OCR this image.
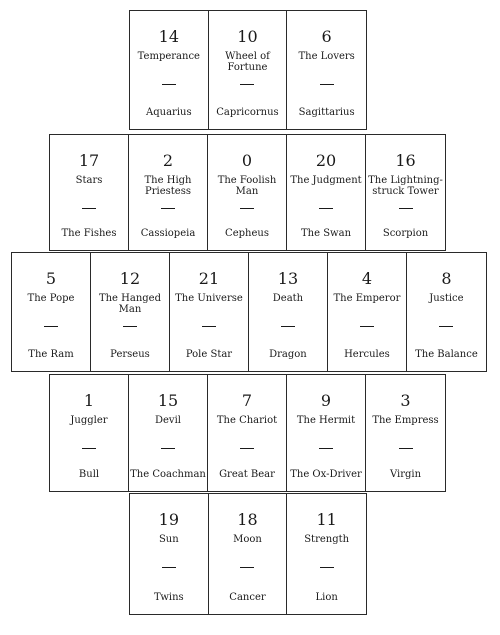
14
Temperance
Aquarius
10
Wheel of
Fortune
Capricornus
6
The Lovers
Sagittarius
17
Stars
The Fishes
2
The High
Priestess
Cassiopeia
0
The Foolish
Man
Cepheus
20
The Judgment
The Swan
16
The Lightning-
struck Tower
Scorpion
5
The Pope
The Ram
12
The Hanged
Man
Perseus
21
The Universe
Pole Star
13
Death
Dragon
4
The Emperor
Hercules
8
Justice
The Balance
1
Juggler
Bull
15
Devil
The Coachman
7
The Chariot
Great Bear
9
The Hermit
The Ox-Driver
3
The Empress
Virgin
19
Sun
Twins
18
Moon
Cancer
11
Strength
Lion
